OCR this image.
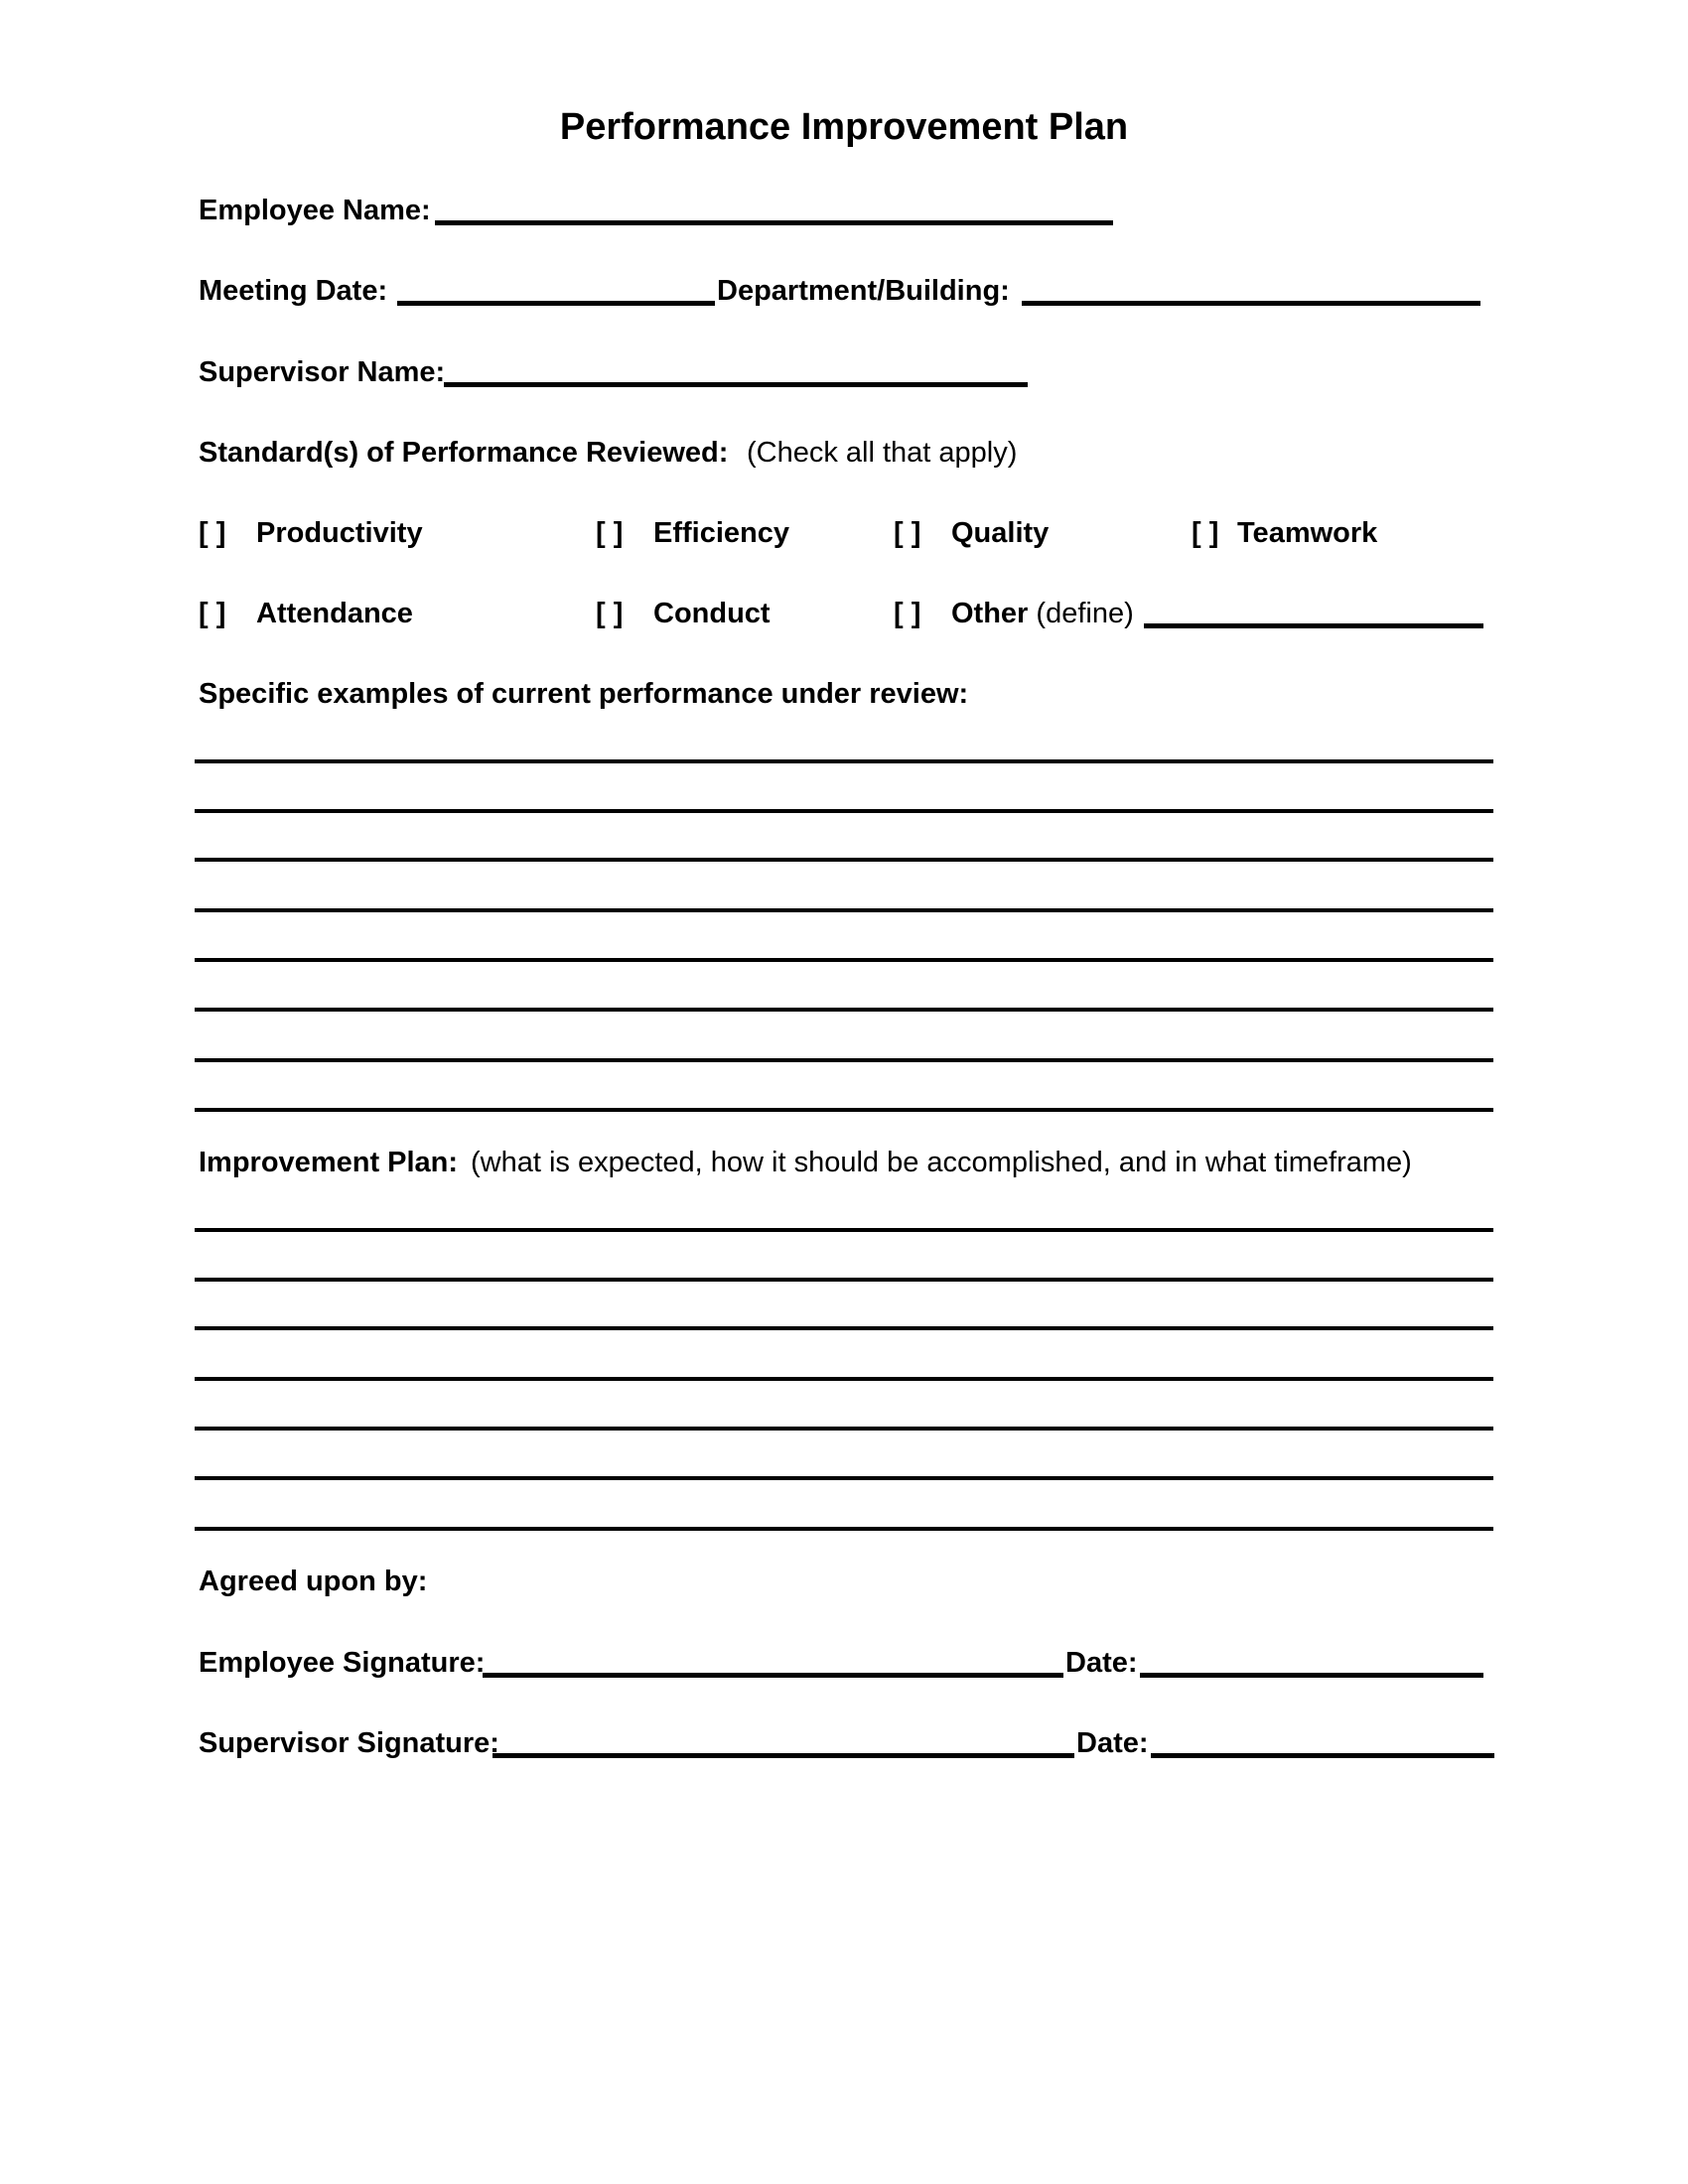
Performance Improvement Plan
Employee Name:
Meeting Date:	Department/Building:
Supervisor Name:
Standard(s) of Performance Reviewed: (Check all that apply)
[ ] Productivity	[ ] Efficiency	[ ] Quality	[ ] Teamwork
[ ] Attendance	[ ] Conduct	[ ] Other (define)
Specific examples of current performance under review:
Improvement Plan: (what is expected, how it should be accomplished, and in what timeframe)
Agreed upon by:
Employee Signature:	Date:
Supervisor Signature:	Date:
